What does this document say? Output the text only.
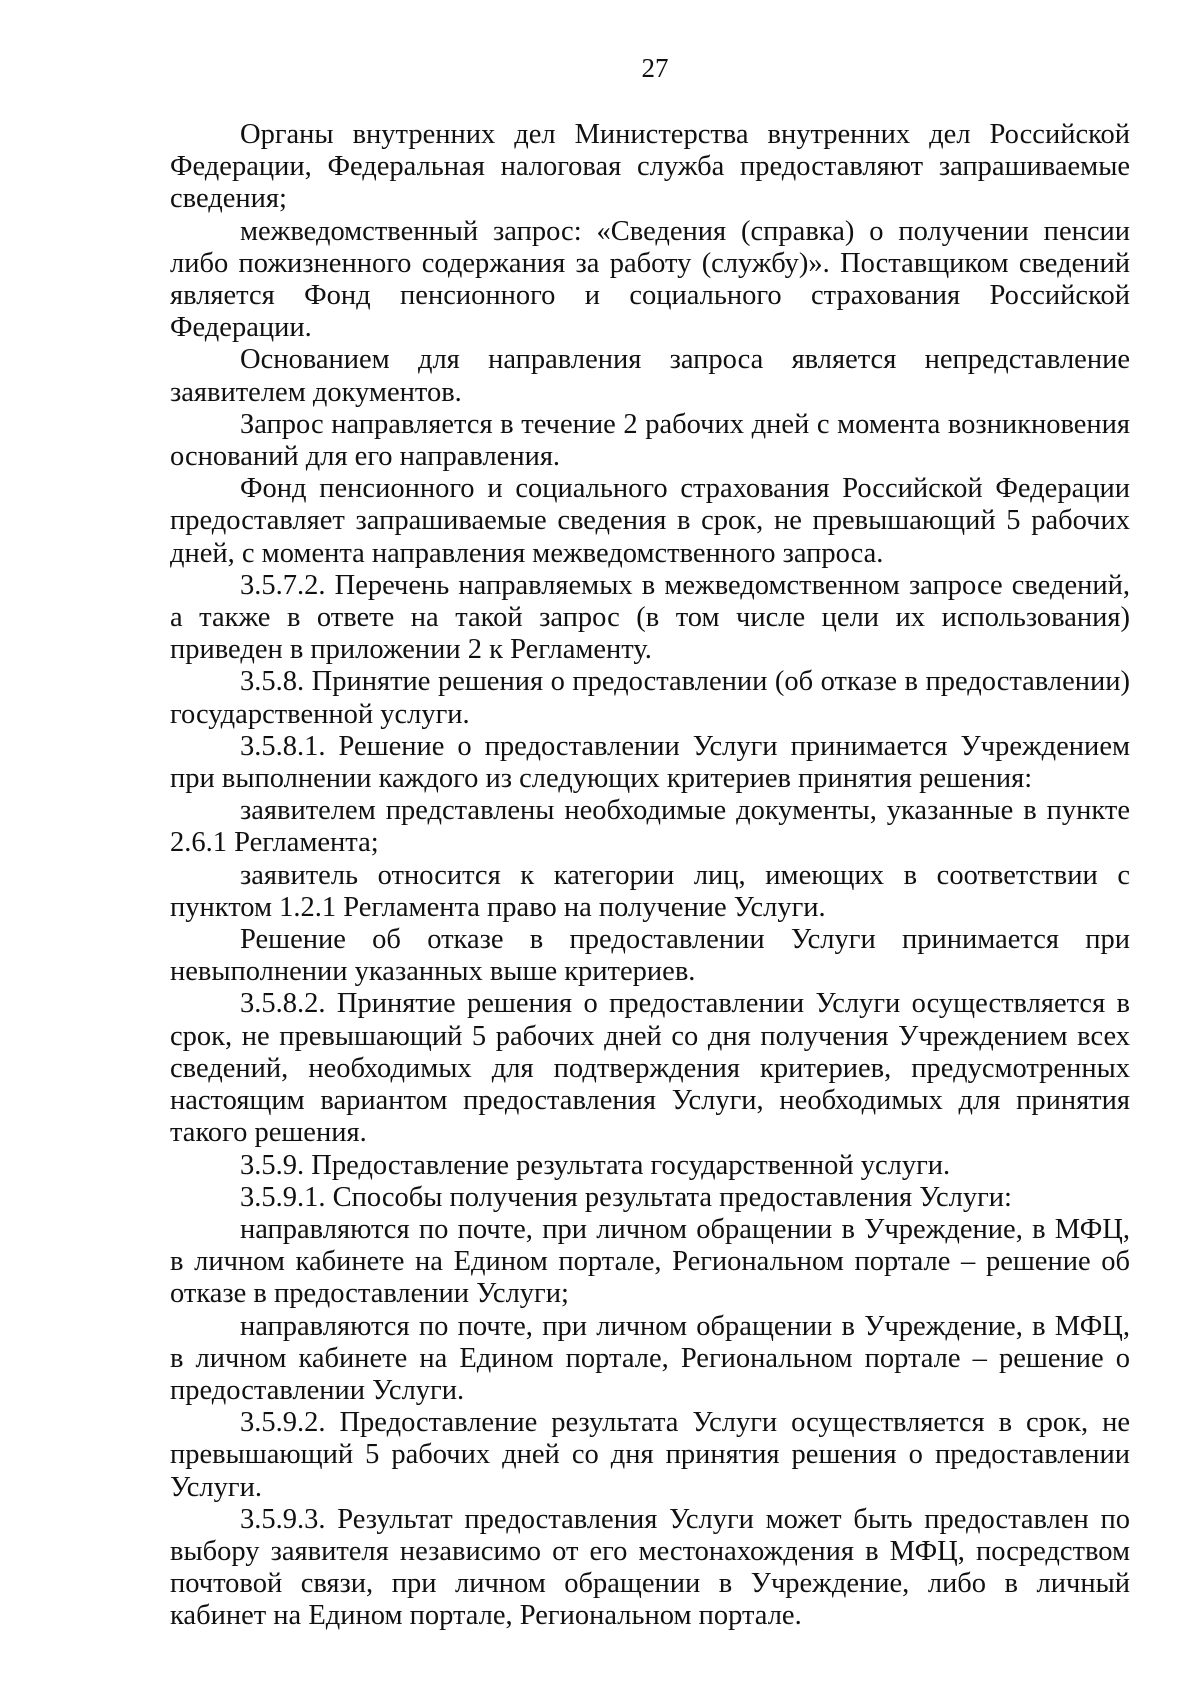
27

Органы внутренних дел Министерства внутренних дел Российской Федерации, Федеральная налоговая служба предоставляют запрашиваемые сведения;

межведомственный запрос: «Сведения (справка) о получении пенсии либо пожизненного содержания за работу (службу)». Поставщиком сведений является Фонд пенсионного и социального страхования Российской Федерации.

Основанием для направления запроса является непредставление заявителем документов.

Запрос направляется в течение 2 рабочих дней с момента возникновения оснований для его направления.

Фонд пенсионного и социального страхования Российской Федерации предоставляет запрашиваемые сведения в срок, не превышающий 5 рабочих дней, с момента направления межведомственного запроса.

3.5.7.2. Перечень направляемых в межведомственном запросе сведений, а также в ответе на такой запрос (в том числе цели их использования) приведен в приложении 2 к Регламенту.

3.5.8. Принятие решения о предоставлении (об отказе в предоставлении) государственной услуги.

3.5.8.1. Решение о предоставлении Услуги принимается Учреждением при выполнении каждого из следующих критериев принятия решения:

заявителем представлены необходимые документы, указанные в пункте 2.6.1 Регламента;

заявитель относится к категории лиц, имеющих в соответствии с пунктом 1.2.1 Регламента право на получение Услуги.

Решение об отказе в предоставлении Услуги принимается при невыполнении указанных выше критериев.

3.5.8.2. Принятие решения о предоставлении Услуги осуществляется в срок, не превышающий 5 рабочих дней со дня получения Учреждением всех сведений, необходимых для подтверждения критериев, предусмотренных настоящим вариантом предоставления Услуги, необходимых для принятия такого решения.

3.5.9. Предоставление результата государственной услуги.

3.5.9.1. Способы получения результата предоставления Услуги:

направляются по почте, при личном обращении в Учреждение, в МФЦ, в личном кабинете на Едином портале, Региональном портале – решение об отказе в предоставлении Услуги;

направляются по почте, при личном обращении в Учреждение, в МФЦ, в личном кабинете на Едином портале, Региональном портале – решение о предоставлении Услуги.

3.5.9.2. Предоставление результата Услуги осуществляется в срок, не превышающий 5 рабочих дней со дня принятия решения о предоставлении Услуги.

3.5.9.3. Результат предоставления Услуги может быть предоставлен по выбору заявителя независимо от его местонахождения в МФЦ, посредством почтовой связи, при личном обращении в Учреждение, либо в личный кабинет на Едином портале, Региональном портале.
